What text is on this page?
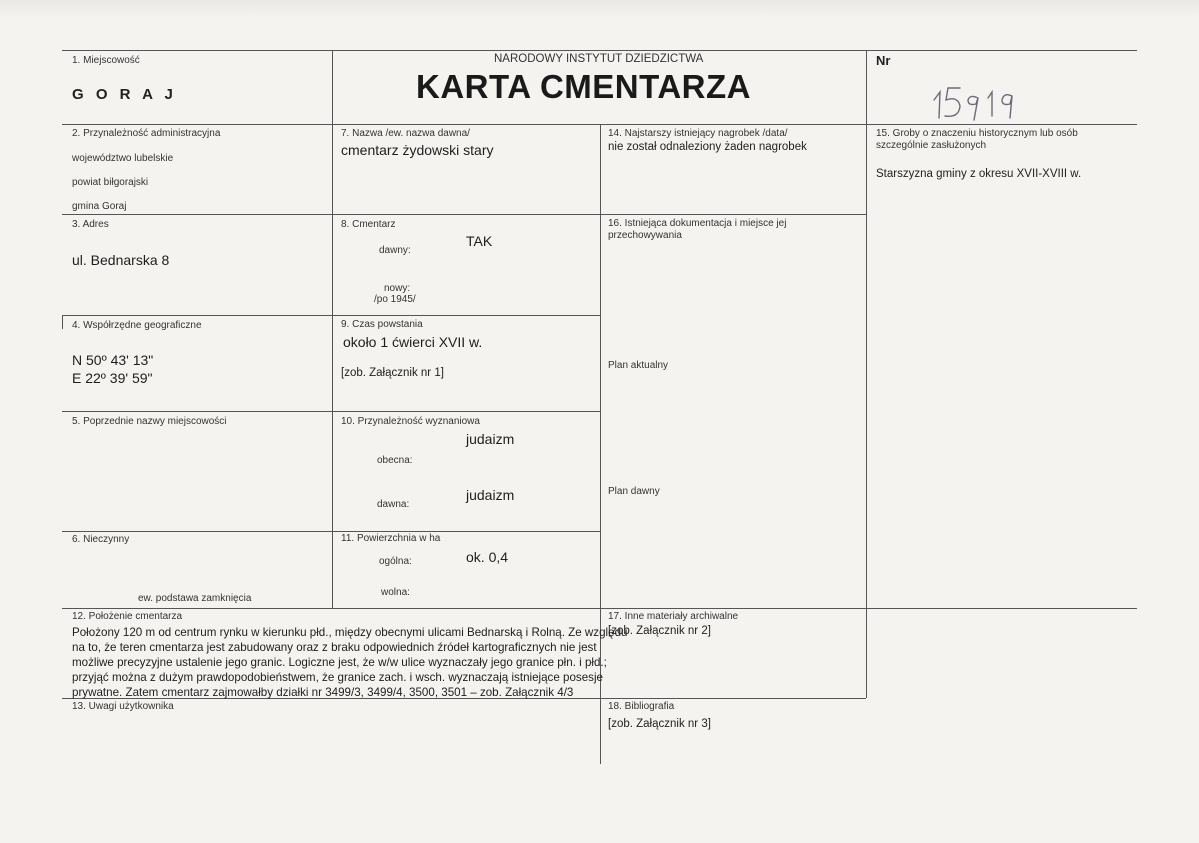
1. Miejscowość
G O R A J
NARODOWY INSTYTUT DZIEDZICTWA
KARTA CMENTARZA
Nr
2. Przynależność administracyjna
województwo lubelskie
powiat biłgorajski
gmina Goraj
3. Adres
ul. Bednarska 8
4. Współrzędne geograficzne
N 50º 43' 13"
E 22º 39' 59"
5. Poprzednie nazwy miejscowości
6. Nieczynny
ew. podstawa zamknięcia
7. Nazwa /ew. nazwa dawna/
cmentarz żydowski stary
8. Cmentarz
dawny:
TAK
nowy:
/po 1945/
9. Czas powstania
około 1 ćwierci XVII w.
[zob. Załącznik nr 1]
10. Przynależność wyznaniowa
judaizm
obecna:
judaizm
dawna:
11. Powierzchnia w ha
ogólna:	ok. 0,4
wolna:
12. Położenie cmentarza
Położony 120 m od centrum rynku w kierunku płd., między obecnymi ulicami Bednarską i Rolną. Ze względu
na to, że teren cmentarza jest zabudowany oraz z braku odpowiednich źródeł kartograficznych nie jest
możliwe precyzyjne ustalenie jego granic. Logiczne jest, że w/w ulice wyznaczały jego granice płn. i płd.;
przyjąć można z dużym prawdopodobieństwem, że granice zach. i wsch. wyznaczają istniejące posesje
prywatne. Zatem cmentarz zajmowałby działki nr 3499/3, 3499/4, 3500, 3501 – zob. Załącznik 4/3
13. Uwagi użytkownika
14. Najstarszy istniejący nagrobek /data/
nie został odnaleziony żaden nagrobek
15. Groby o znaczeniu historycznym lub osób
szczególnie zasłużonych
Starszyzna gminy z okresu XVII-XVIII w.
16. Istniejąca dokumentacja i miejsce jej
przechowywania
Plan aktualny
Plan dawny
17. Inne materiały archiwalne
[zob. Załącznik nr 2]
18. Bibliografia
[zob. Załącznik nr 3]
